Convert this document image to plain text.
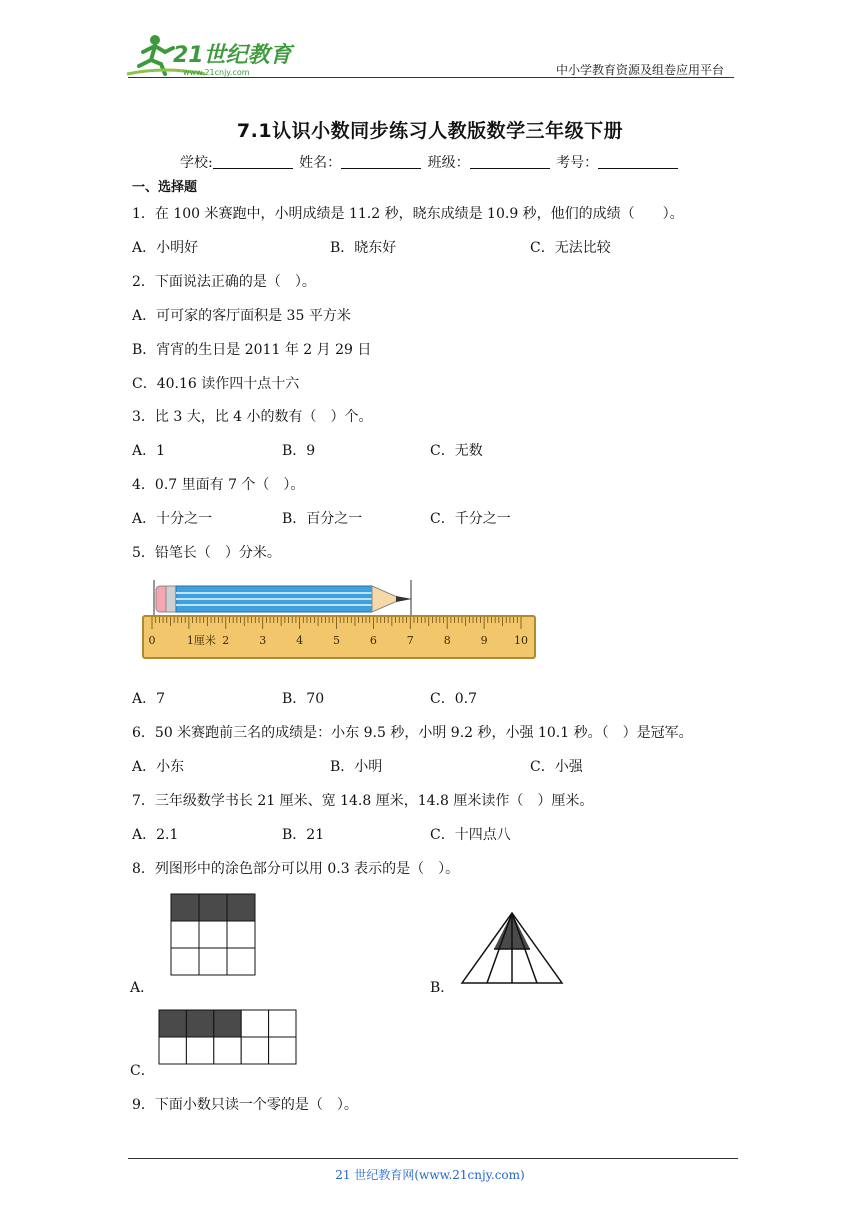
21世纪教育
www.21cnjy.com	中小学教育资源及组卷应用平台
7.1认识小数同步练习人教版数学三年级下册
学校:	姓名：	班级：	考号：
一、选择题
1．在 100 米赛跑中，小明成绩是 11.2 秒，晓东成绩是 10.9 秒，他们的成绩（　　）。
A．小明好	B．晓东好	C．无法比较
2．下面说法正确的是（　）。
A．可可家的客厅面积是 35 平方米
B．宵宵的生日是 2011 年 2 月 29 日
C．40.16 读作四十点十六
3．比 3 大，比 4 小的数有（　）个。
A．1	B．9	C．无数
4．0.7 里面有 7 个（　）。
A．十分之一	B．百分之一	C．千分之一
5．铅笔长（　）分米。
0	1厘米 2	3	4	5	6	7	8	9 10
A．7	B．70	C．0.7
6．50 米赛跑前三名的成绩是：小东 9.5 秒，小明 9.2 秒，小强 10.1 秒。（　）是冠军。
A．小东	B．小明	C．小强
7．三年级数学书长 21 厘米、宽 14.8 厘米，14.8 厘米读作（　）厘米。
A．2.1	B．21	C．十四点八
8．列图形中的涂色部分可以用 0.3 表示的是（　）。
A．	B．
C．
9．下面小数只读一个零的是（　）。
21 世纪教育网(www.21cnjy.com)
